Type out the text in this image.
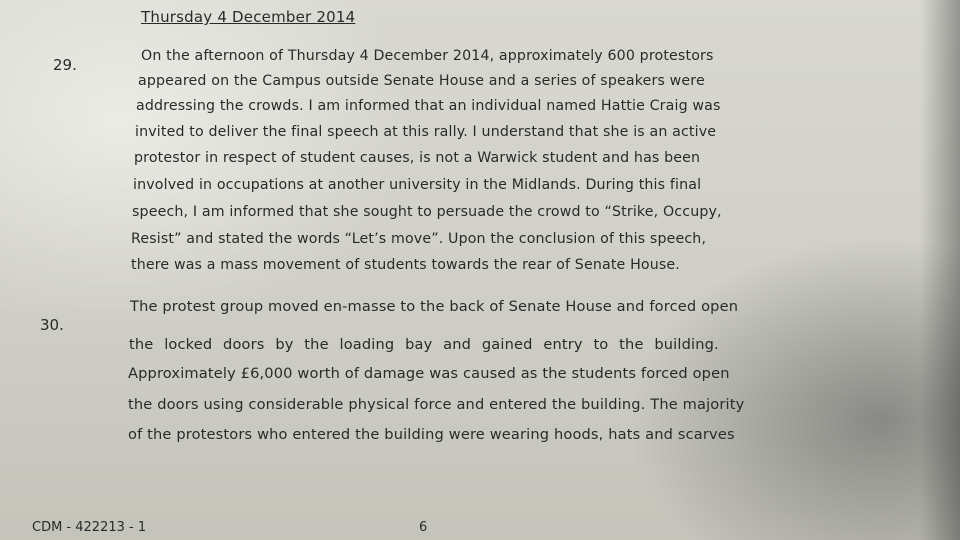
Thursday 4 December 2014
29.	On the afternoon of Thursday 4 December 2014, approximately 600 protestors
appeared on the Campus outside Senate House and a series of speakers were
addressing the crowds. I am informed that an individual named Hattie Craig was
invited to deliver the final speech at this rally. I understand that she is an active
protestor in respect of student causes, is not a Warwick student and has been
involved in occupations at another university in the Midlands. During this final
speech, I am informed that she sought to persuade the crowd to “Strike, Occupy,
Resist” and stated the words “Let’s move”. Upon the conclusion of this speech,
there was a mass movement of students towards the rear of Senate House.
30.
The protest group moved en-masse to the back of Senate House and forced open
the locked doors by the loading bay and gained entry to the building.
Approximately £6,000 worth of damage was caused as the students forced open
the doors using considerable physical force and entered the building. The majority
of the protestors who entered the building were wearing hoods, hats and scarves
CDM - 422213 - 1	6
